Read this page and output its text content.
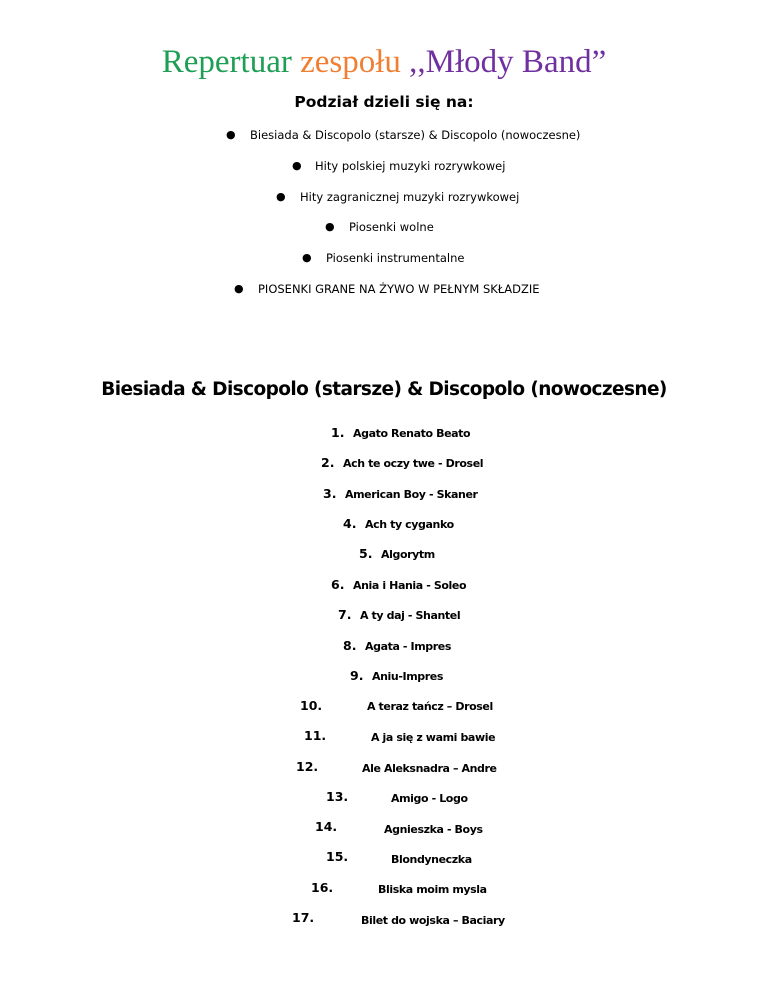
Repertuar zespołu ,,Młody Band”
Podział dzieli się na:
● Biesiada & Discopolo (starsze) & Discopolo (nowoczesne)
● Hity polskiej muzyki rozrywkowej
● Hity zagranicznej muzyki rozrywkowej
● Piosenki wolne
● Piosenki instrumentalne
● PIOSENKI GRANE NA ŻYWO W PEŁNYM SKŁADZIE
Biesiada & Discopolo (starsze) & Discopolo (nowoczesne)
1. Agato Renato Beato
2. Ach te oczy twe - Drosel
3. American Boy - Skaner
4. Ach ty cyganko
5. Algorytm
6. Ania i Hania - Soleo
7. A ty daj - Shantel
8. Agata - Impres
9. Aniu-Impres
10.	A teraz tańcz – Drosel
11.	A ja się z wami bawie
12.	Ale Aleksnadra – Andre
13.	Amigo - Logo
14.	Agnieszka - Boys
15.	Blondyneczka
16.	Bliska moim mysla
17.	Bilet do wojska – Baciary
